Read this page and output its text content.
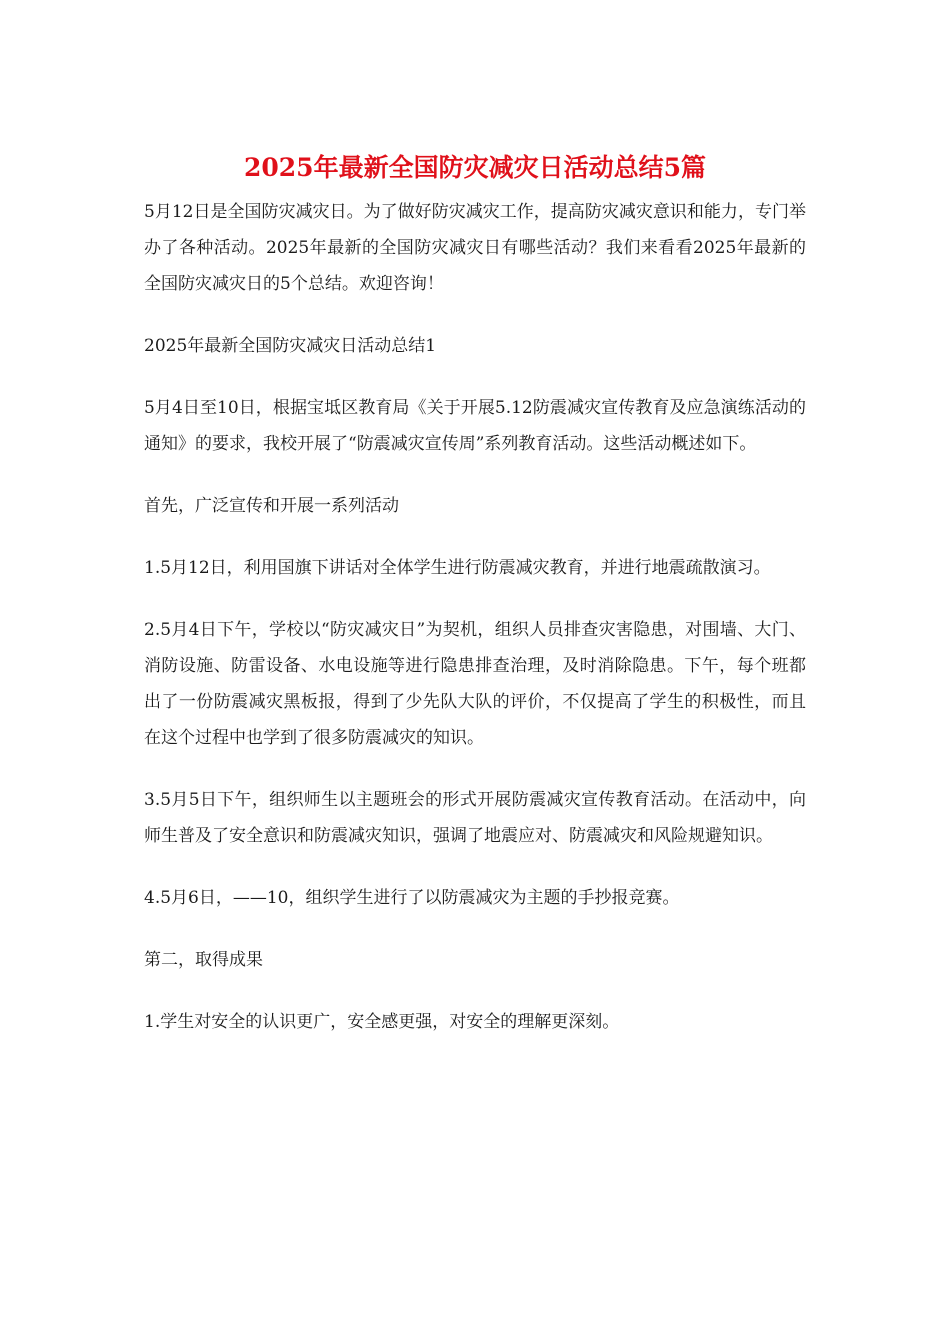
2025年最新全国防灾减灾日活动总结5篇

5月12日是全国防灾减灾日。为了做好防灾减灾工作，提高防灾减灾意识和能力，专门举办了各种活动。2025年最新的全国防灾减灾日有哪些活动？我们来看看2025年最新的全国防灾减灾日的5个总结。欢迎咨询！

2025年最新全国防灾减灾日活动总结1

5月4日至10日，根据宝坻区教育局《关于开展5.12防震减灾宣传教育及应急演练活动的通知》的要求，我校开展了“防震减灾宣传周”系列教育活动。这些活动概述如下。

首先，广泛宣传和开展一系列活动

1.5月12日，利用国旗下讲话对全体学生进行防震减灾教育，并进行地震疏散演习。

2.5月4日下午，学校以“防灾减灾日”为契机，组织人员排查灾害隐患，对围墙、大门、消防设施、防雷设备、水电设施等进行隐患排查治理，及时消除隐患。下午，每个班都出了一份防震减灾黑板报，得到了少先队大队的评价，不仅提高了学生的积极性，而且在这个过程中也学到了很多防震减灾的知识。

3.5月5日下午，组织师生以主题班会的形式开展防震减灾宣传教育活动。在活动中，向师生普及了安全意识和防震减灾知识，强调了地震应对、防震减灾和风险规避知识。

4.5月6日，——10，组织学生进行了以防震减灾为主题的手抄报竞赛。

第二，取得成果

1.学生对安全的认识更广，安全感更强，对安全的理解更深刻。
